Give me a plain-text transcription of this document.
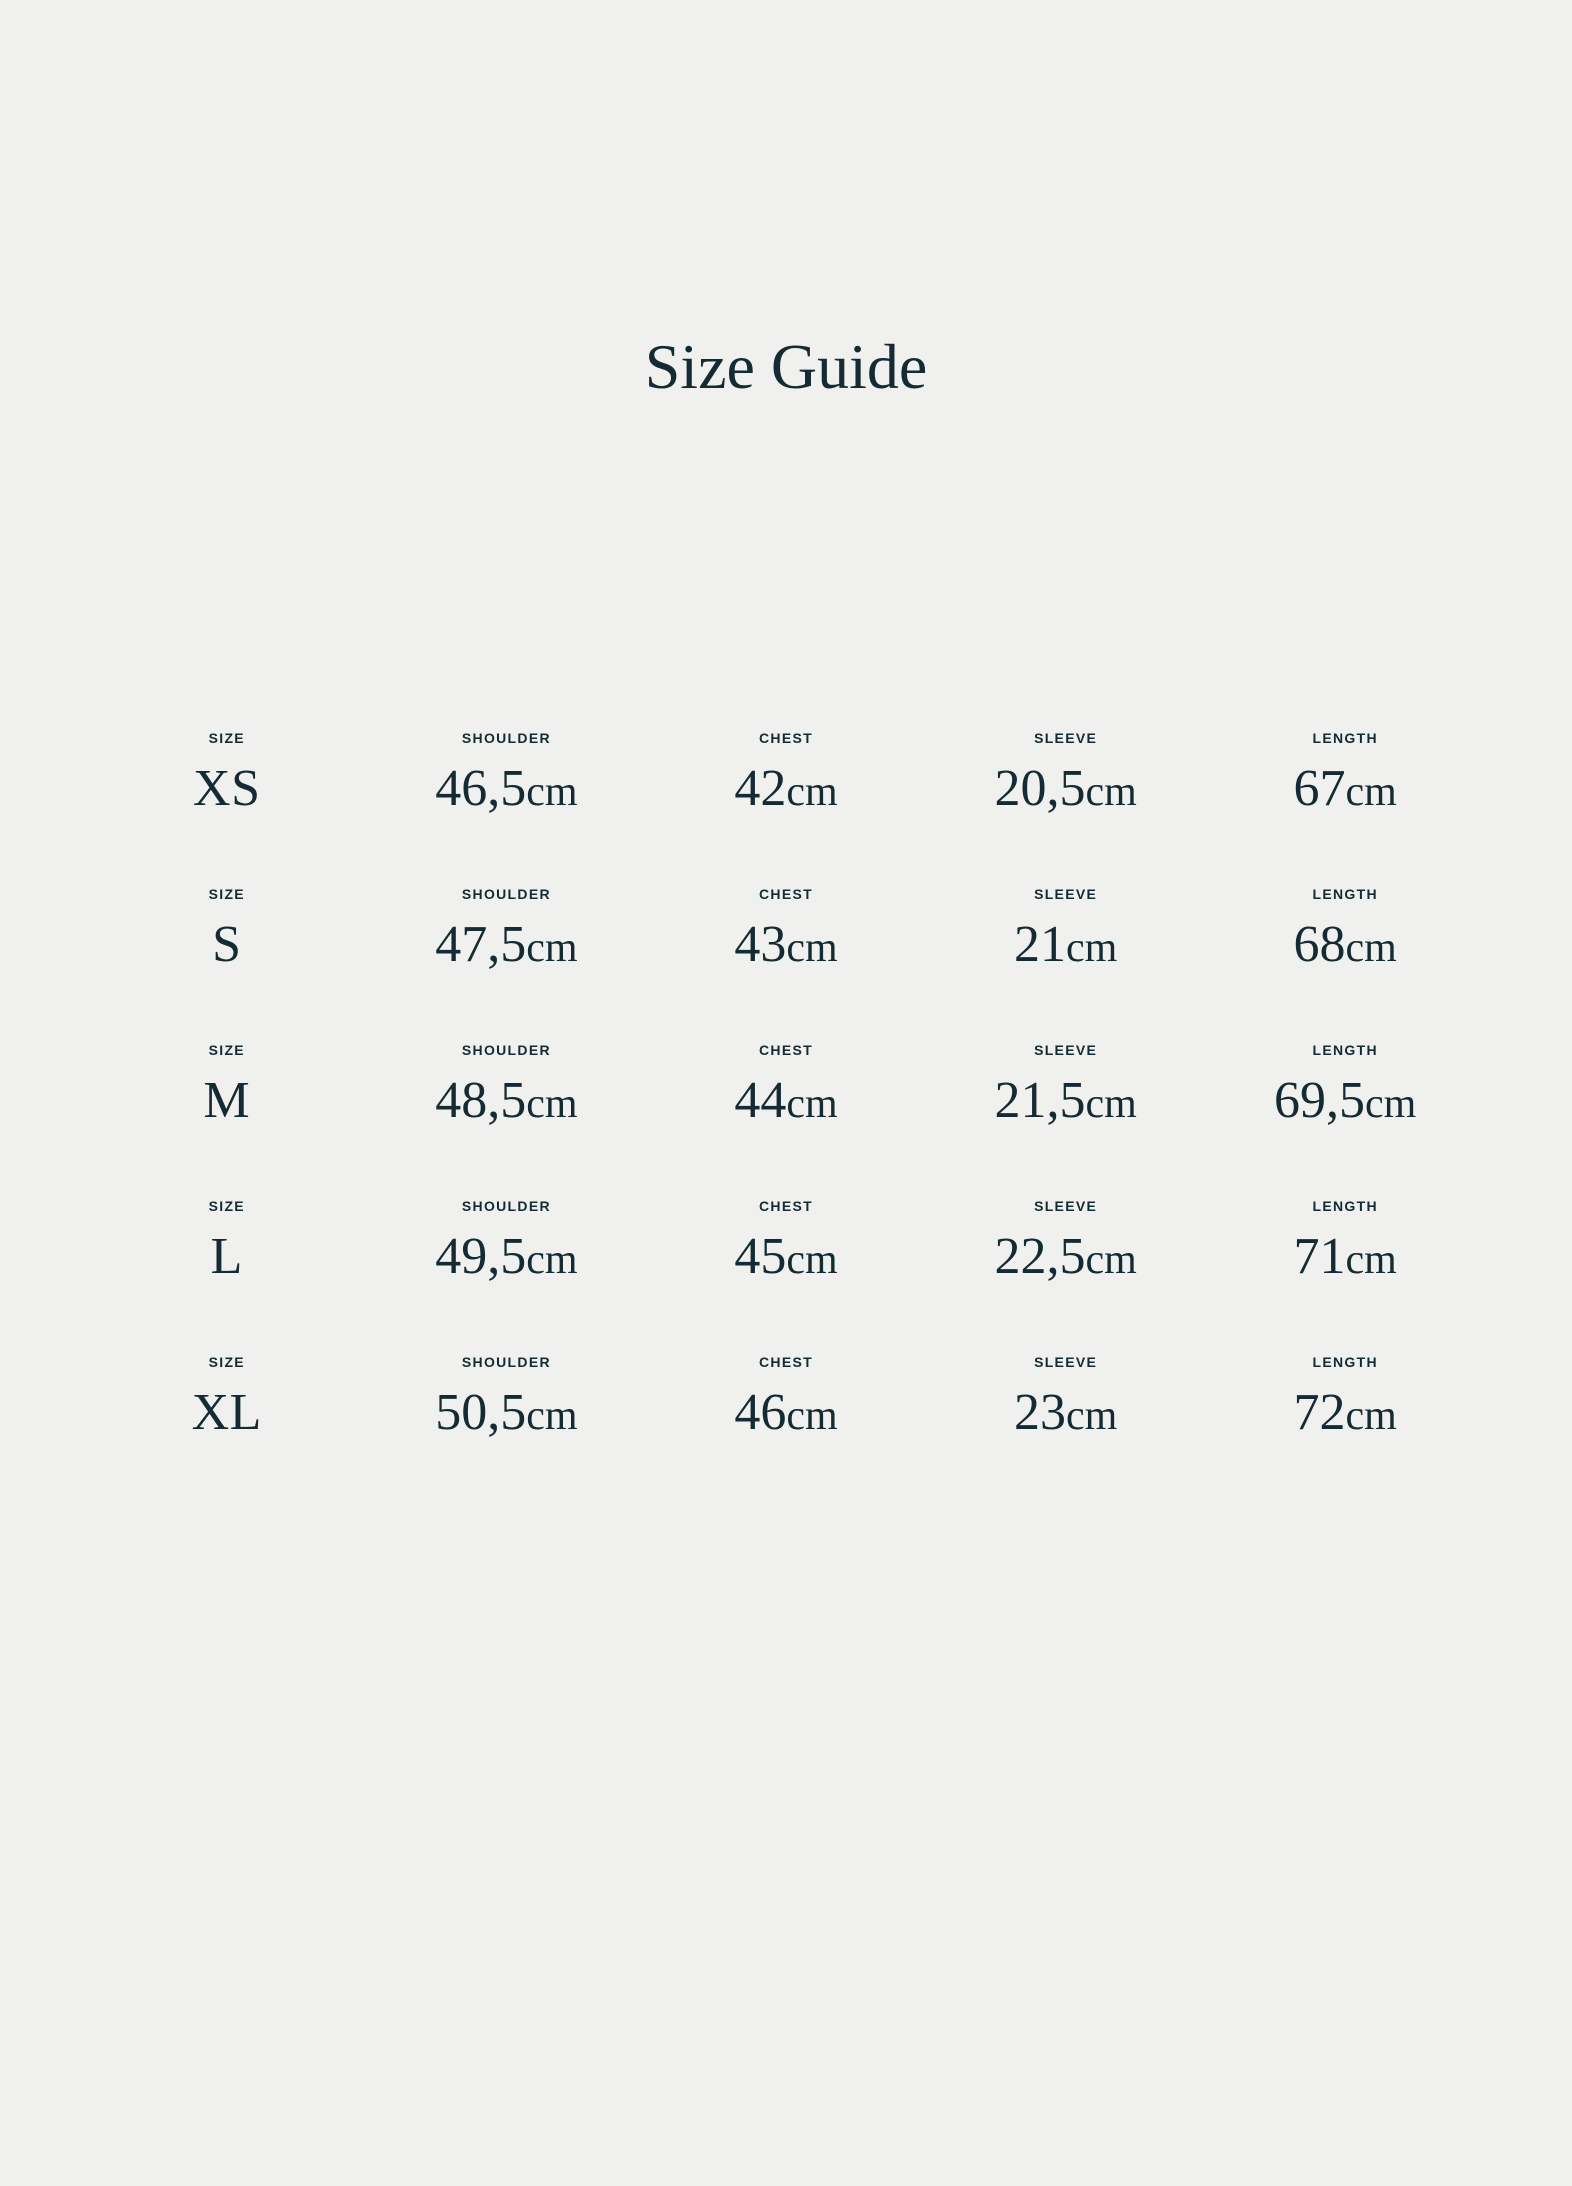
Size Guide
SIZE
XS
SHOULDER
46,5cm
CHEST
42cm
SLEEVE
20,5cm
LENGTH
67cm
SIZE
S
SHOULDER
47,5cm
CHEST
43cm
SLEEVE
21cm
LENGTH
68cm
SIZE
M
SHOULDER
48,5cm
CHEST
44cm
SLEEVE
21,5cm
LENGTH
69,5cm
SIZE
L
SHOULDER
49,5cm
CHEST
45cm
SLEEVE
22,5cm
LENGTH
71cm
SIZE
XL
SHOULDER
50,5cm
CHEST
46cm
SLEEVE
23cm
LENGTH
72cm
